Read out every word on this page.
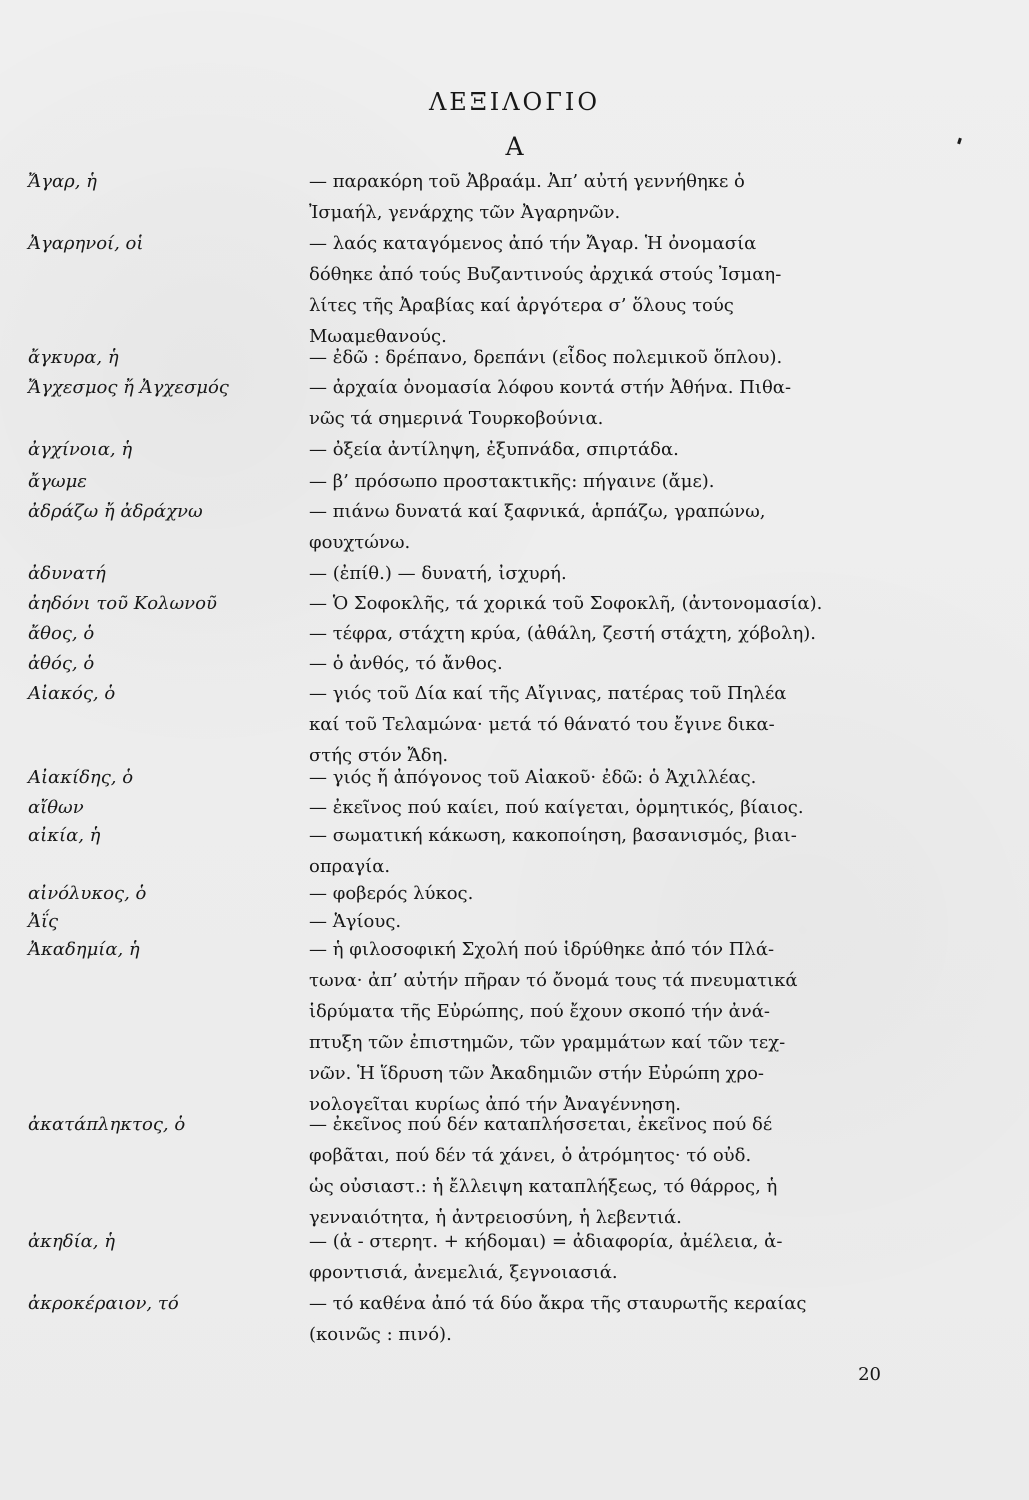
ΛΕΞΙΛΟΓΙΟ
Α
Ἄγαρ, ἡ	— παρακόρη τοῦ Ἀβραάμ. Ἀπ’ αὐτή γεννήθηκε ὁ
Ἰσμαήλ, γενάρχης τῶν Ἀγαρηνῶν.
Ἀγαρηνοί, οἱ	— λαός καταγόμενος ἀπό τήν Ἄγαρ. Ἡ ὀνομασία
δόθηκε ἀπό τούς Βυζαντινούς ἀρχικά στούς Ἰσμαη-
λίτες τῆς Ἀραβίας καί ἀργότερα σ’ ὅλους τούς
Μωαμεθανούς.
ἄγκυρα, ἡ	— ἐδῶ : δρέπανο, δρεπάνι (εἶδος πολεμικοῦ ὅπλου).
Ἄγχεσμος ἤ Ἀγχεσμός	— ἀρχαία ὀνομασία λόφου κοντά στήν Ἀθήνα. Πιθα-
νῶς τά σημερινά Τουρκοβούνια.
ἀγχίνοια, ἡ	— ὀξεία ἀντίληψη, ἐξυπνάδα, σπιρτάδα.
ἄγωμε	— β’ πρόσωπο προστακτικῆς: πήγαινε (ἄμε).
ἀδράζω ἤ ἀδράχνω	— πιάνω δυνατά καί ξαφνικά, ἁρπάζω, γραπώνω,
φουχτώνω.
ἀδυνατή	— (ἐπίθ.) — δυνατή, ἰσχυρή.
ἀηδόνι τοῦ Κολωνοῦ	— Ὁ Σοφοκλῆς, τά χορικά τοῦ Σοφοκλῆ, (ἀντονομασία).
ἄθος, ὁ	— τέφρα, στάχτη κρύα, (ἀθάλη, ζεστή στάχτη, χόβολη).
ἀθός, ὁ	— ὁ ἀνθός, τό ἄνθος.
Αἰακός, ὁ	— γιός τοῦ Δία καί τῆς Αἴγινας, πατέρας τοῦ Πηλέα
καί τοῦ Τελαμώνα· μετά τό θάνατό του ἔγινε δικα-
στής στόν Ἄδη.
Αἰακίδης, ὁ	— γιός ἤ ἀπόγονος τοῦ Αἰακοῦ· ἐδῶ: ὁ Ἀχιλλέας.
αἴθων	— ἐκεῖνος πού καίει, πού καίγεται, ὁρμητικός, βίαιος.
αἰκία, ἡ	— σωματική κάκωση, κακοποίηση, βασανισμός, βιαι-
οπραγία.
αἰνόλυκος, ὁ	— φοβερός λύκος.
Ἀΐς	— Ἁγίους.
Ἀκαδημία, ἡ	— ἡ φιλοσοφική Σχολή πού ἱδρύθηκε ἀπό τόν Πλά-
τωνα· ἀπ’ αὐτήν πῆραν τό ὄνομά τους τά πνευματικά
ἱδρύματα τῆς Εὐρώπης, πού ἔχουν σκοπό τήν ἀνά-
πτυξη τῶν ἐπιστημῶν, τῶν γραμμάτων καί τῶν τεχ-
νῶν. Ἡ ἵδρυση τῶν Ἀκαδημιῶν στήν Εὐρώπη χρο-
νολογεῖται κυρίως ἀπό τήν Ἀναγέννηση.
ἀκατάπληκτος, ὁ	— ἐκεῖνος πού δέν καταπλήσσεται, ἐκεῖνος πού δέ
φοβᾶται, πού δέν τά χάνει, ὁ ἀτρόμητος· τό οὐδ.
ὡς οὐσιαστ.: ἡ ἔλλειψη καταπλήξεως, τό θάρρος, ἡ
γενναιότητα, ἡ ἀντρειοσύνη, ἡ λεβεντιά.
ἀκηδία, ἡ	— (ἀ - στερητ. + κήδομαι) = ἀδιαφορία, ἀμέλεια, ἀ-
φροντισιά, ἀνεμελιά, ξεγνοιασιά.
ἀκροκέραιον, τό	— τό καθένα ἀπό τά δύο ἄκρα τῆς σταυρωτῆς κεραίας
(κοινῶς : πινό).
20
